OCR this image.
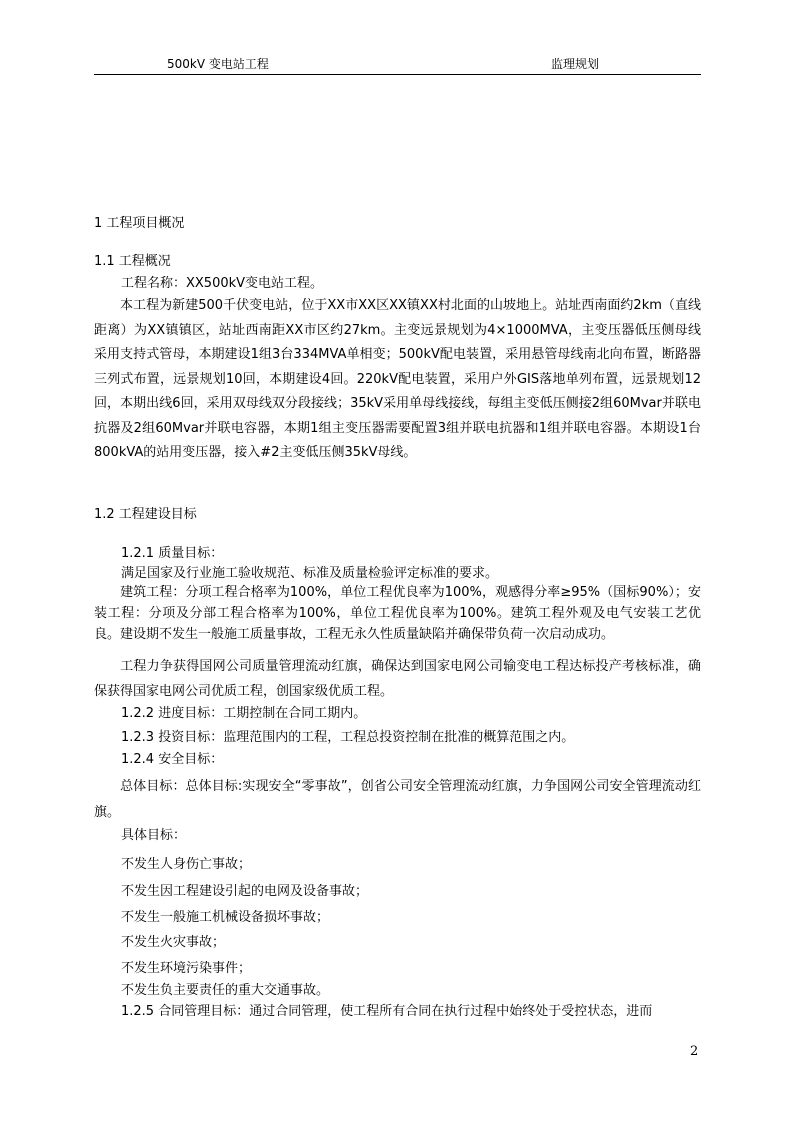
500kV 变电站工程	监理规划
1 工程项目概况
1.1 工程概况
工程名称：XX500kV变电站工程。
本工程为新建500千伏变电站，位于XX市XX区XX镇XX村北面的山坡地上。站址西南面约2km（直线距离）为XX镇镇区，站址西南距XX市区约27km。主变远景规划为4×1000MVA，主变压器低压侧母线采用支持式管母，本期建设1组3台334MVA单相变；500kV配电装置，采用悬管母线南北向布置，断路器三列式布置，远景规划10回，本期建设4回。220kV配电装置，采用户外GIS落地单列布置，远景规划12回，本期出线6回，采用双母线双分段接线；35kV采用单母线接线，每组主变低压侧接2组60Mvar并联电抗器及2组60Mvar并联电容器，本期1组主变压器需要配置3组并联电抗器和1组并联电容器。本期设1台800kVA的站用变压器，接入#2主变低压侧35kV母线。
1.2 工程建设目标
1.2.1 质量目标：
满足国家及行业施工验收规范、标准及质量检验评定标准的要求。
建筑工程：分项工程合格率为100%，单位工程优良率为100%，观感得分率≥95%（国标90%）；安装工程：分项及分部工程合格率为100%，单位工程优良率为100%。建筑工程外观及电气安装工艺优良。建设期不发生一般施工质量事故，工程无永久性质量缺陷并确保带负荷一次启动成功。
工程力争获得国网公司质量管理流动红旗，确保达到国家电网公司输变电工程达标投产考核标准，确保获得国家电网公司优质工程，创国家级优质工程。
1.2.2 进度目标：工期控制在合同工期内。
1.2.3 投资目标：监理范围内的工程，工程总投资控制在批准的概算范围之内。
1.2.4 安全目标：
总体目标：总体目标:实现安全“零事故”，创省公司安全管理流动红旗，力争国网公司安全管理流动红旗。
具体目标：
不发生人身伤亡事故；
不发生因工程建设引起的电网及设备事故；
不发生一般施工机械设备损坏事故；
不发生火灾事故；
不发生环境污染事件；
不发生负主要责任的重大交通事故。
1.2.5 合同管理目标：通过合同管理，使工程所有合同在执行过程中始终处于受控状态，进而
2
